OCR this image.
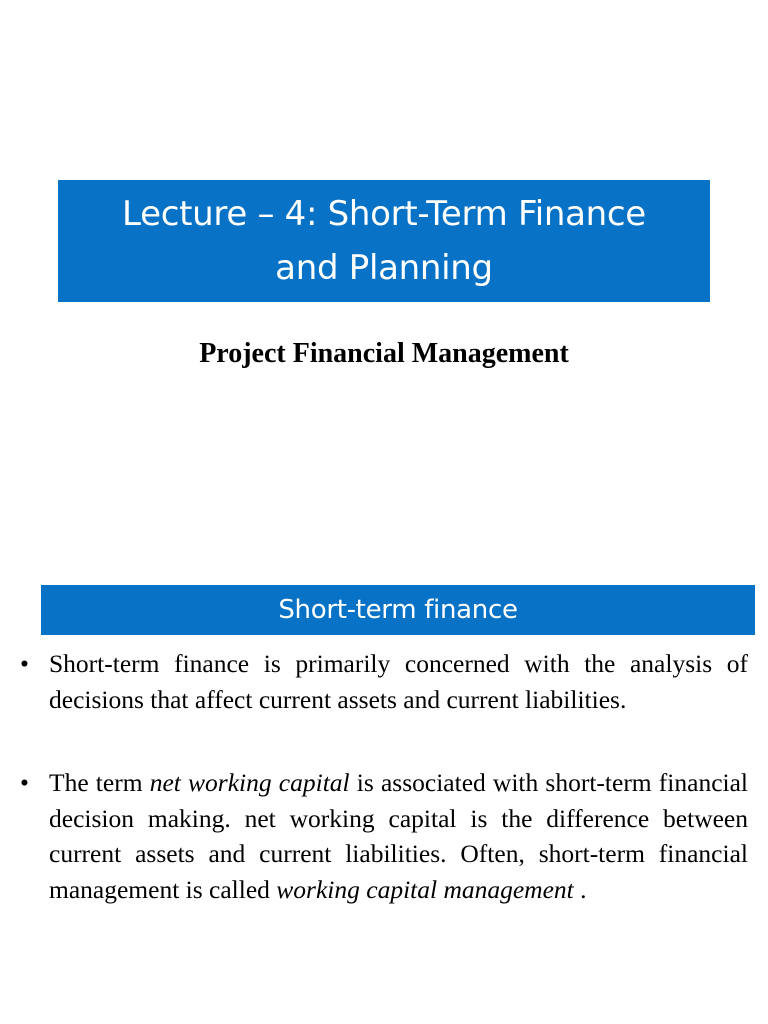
Lecture – 4: Short-Term Finance
and Planning
Project Financial Management
Short-term finance
• Short-term finance is primarily concerned with the analysis of decisions that affect current assets and current liabilities.
• The term net working capital is associated with short-term financial decision making. net working capital is the difference between current assets and current liabilities. Often, short-term financial management is called working capital management .
